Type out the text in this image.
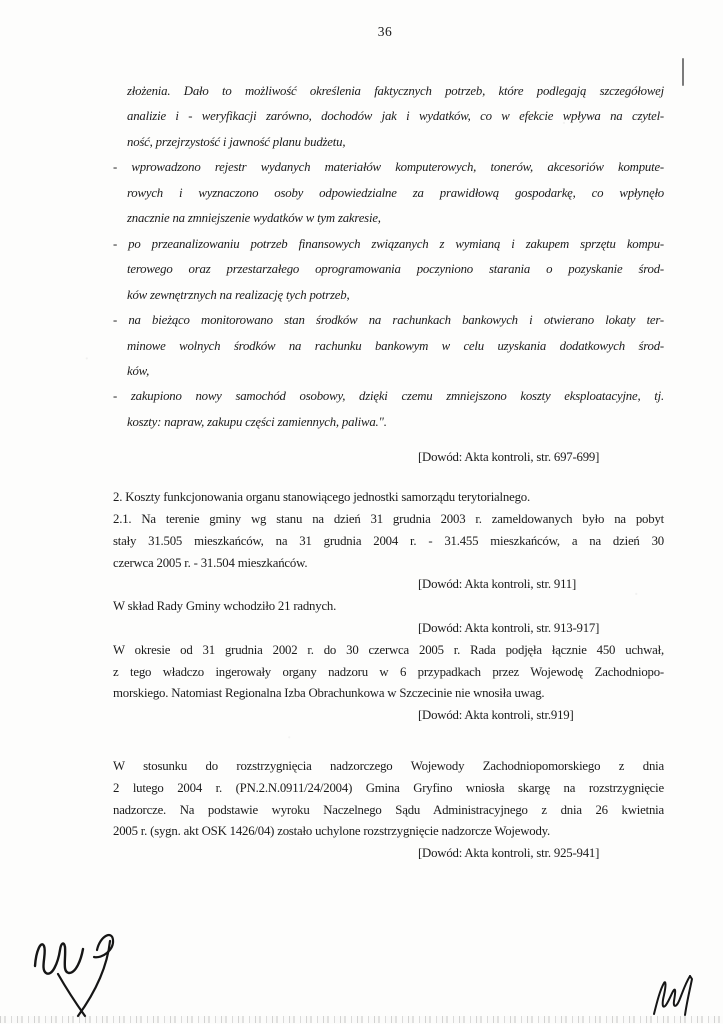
36
złożenia. Dało to możliwość określenia faktycznych potrzeb, które podlegają szczegółowej
analizie i - weryfikacji zarówno, dochodów jak i wydatków, co w efekcie wpływa na czytel-
ność, przejrzystość i jawność planu budżetu,
- wprowadzono rejestr wydanych materiałów komputerowych, tonerów, akcesoriów kompute-
rowych i wyznaczono osoby odpowiedzialne za prawidłową gospodarkę, co wpłynęło
znacznie na zmniejszenie wydatków w tym zakresie,
- po przeanalizowaniu potrzeb finansowych związanych z wymianą i zakupem sprzętu kompu-
terowego oraz przestarzałego oprogramowania poczyniono starania o pozyskanie środ-
ków zewnętrznych na realizację tych potrzeb,
- na bieżąco monitorowano stan środków na rachunkach bankowych i otwierano lokaty ter-
minowe wolnych środków na rachunku bankowym w celu uzyskania dodatkowych środ-
ków,
- zakupiono nowy samochód osobowy, dzięki czemu zmniejszono koszty eksploatacyjne, tj.
koszty: napraw, zakupu części zamiennych, paliwa.".
[Dowód: Akta kontroli, str. 697-699]
2. Koszty funkcjonowania organu stanowiącego jednostki samorządu terytorialnego.
2.1. Na terenie gminy wg stanu na dzień 31 grudnia 2003 r. zameldowanych było na pobyt
stały 31.505 mieszkańców, na 31 grudnia 2004 r. - 31.455 mieszkańców, a na dzień 30
czerwca 2005 r. - 31.504 mieszkańców.
[Dowód: Akta kontroli, str. 911]
W skład Rady Gminy wchodziło 21 radnych.
[Dowód: Akta kontroli, str. 913-917]
W okresie od 31 grudnia 2002 r. do 30 czerwca 2005 r. Rada podjęła łącznie 450 uchwał,
z tego władczo ingerowały organy nadzoru w 6 przypadkach przez Wojewodę Zachodniopo-
morskiego. Natomiast Regionalna Izba Obrachunkowa w Szczecinie nie wnosiła uwag.
[Dowód: Akta kontroli, str.919]
W stosunku do rozstrzygnięcia nadzorczego Wojewody Zachodniopomorskiego z dnia
2 lutego 2004 r. (PN.2.N.0911/24/2004) Gmina Gryfino wniosła skargę na rozstrzygnięcie
nadzorcze. Na podstawie wyroku Naczelnego Sądu Administracyjnego z dnia 26 kwietnia
2005 r. (sygn. akt OSK 1426/04) zostało uchylone rozstrzygnięcie nadzorcze Wojewody.
[Dowód: Akta kontroli, str. 925-941]
